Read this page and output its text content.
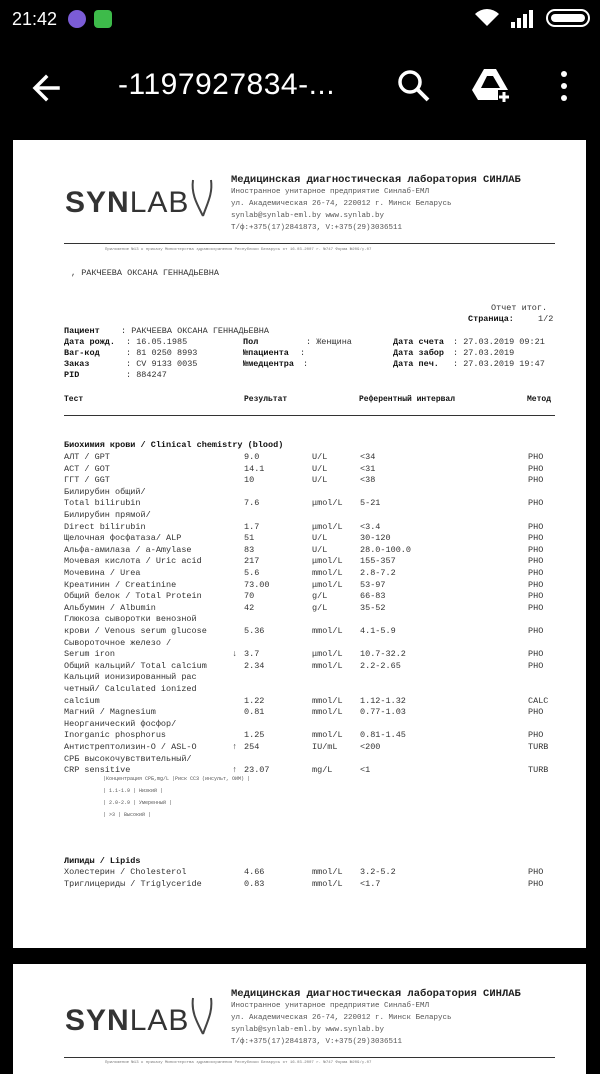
21:42
-1197927834-...
SYNLAB
Медицинская диагностическая лаборатория СИНЛАБ
Иностранное унитарное предприятие Синлаб-ЕМЛ
ул. Академическая 26-74, 220012 г. Минск Беларусь
synlab@synlab-eml.by www.synlab.by
Т/ф:+375(17)2841873, V:+375(29)3036511
Приложение №13 к приказу Министерства здравоохранения Республики Беларусь от 16.03.2007 г. №747 Форма №209/у-07
, РАКЧЕЕВА ОКСАНА ГЕННАДЬЕВНА
Отчет итог.
Страница:	1/2
Пациент	: РАКЧЕЕВА ОКСАНА ГЕННАДЬЕВНА
Дата рожд. : 16.05.1985	Пол	: Женщина	Дата счета : 27.03.2019 09:21
Ваг-код	: 81 0250 8993	№пациента :	Дата забор : 27.03.2019
Заказ	: CV 9133 0035	№медцентра :	Дата печ. : 27.03.2019 19:47
PID	: 884247
Тест	Результат	Референтный интервал	Метод
Биохимия крови / Clinical chemistry (blood)
АЛТ / GPT	9.0	U/L	<34	PHO
АСТ / GOT	14.1	U/L	<31	PHO
ГГТ / GGT	10	U/L	<38	PHO
Билирубин общий/
Total bilirubin	7.6	μmol/L 5-21	PHO
Билирубин прямой/
Direct bilirubin	1.7	μmol/L <3.4	PHO
Щелочная фосфатаза/ ALP	51	U/L	30-120	PHO
Альфа-амилаза / a-Amylase	83	U/L	28.0-100.0	PHO
Мочевая кислота / Uric acid	217	μmol/L 155-357	PHO
Мочевина / Urea	5.6	mmol/L 2.8-7.2	PHO
Креатинин / Creatinine	73.00	μmol/L 53-97	PHO
Общий белок / Total Protein	70	g/L	66-83	PHO
Альбумин / Albumin	42	g/L	35-52	PHO
Глюкоза сыворотки венозной
крови / Venous serum glucose	5.36	mmol/L 4.1-5.9	PHO
Сывороточное железо /
Serum iron	↓ 3.7	μmol/L 10.7-32.2	PHO
Общий кальций/ Total calcium	2.34	mmol/L 2.2-2.65	PHO
Кальций ионизированный рас
четный/ Calculated ionized
calcium	1.22	mmol/L 1.12-1.32	CALC
Магний / Magnesium	0.81	mmol/L 0.77-1.03	PHO
Неорганический фосфор/
Inorganic phosphorus	1.25	mmol/L 0.81-1.45	PHO
Антистрептолизин-О / ASL-O	↑ 254	IU/mL	<200	TURB
СРБ высокочувствительный/
CRP sensitive	↑ 23.07	mg/L	<1	TURB
|Концентрация CPБ,mg/L |Риск ССЗ (инсульт, ОИМ) |
| 1.1-1.9 | Низкий |
| 2.0-2.9 | Умеренный |
| >3 | Высокий |
Липиды / Lipids
Холестерин / Cholesterol	4.66	mmol/L 3.2-5.2	PHO
Триглицериды / Triglyceride	0.83	mmol/L <1.7	PHO
SYNLAB
Медицинская диагностическая лаборатория СИНЛАБ
Иностранное унитарное предприятие Синлаб-ЕМЛ
ул. Академическая 26-74, 220012 г. Минск Беларусь
synlab@synlab-eml.by www.synlab.by
Т/ф:+375(17)2841873, V:+375(29)3036511
Приложение №13 к приказу Министерства здравоохранения Республики Беларусь от 16.03.2007 г. №747 Форма №209/у-07
